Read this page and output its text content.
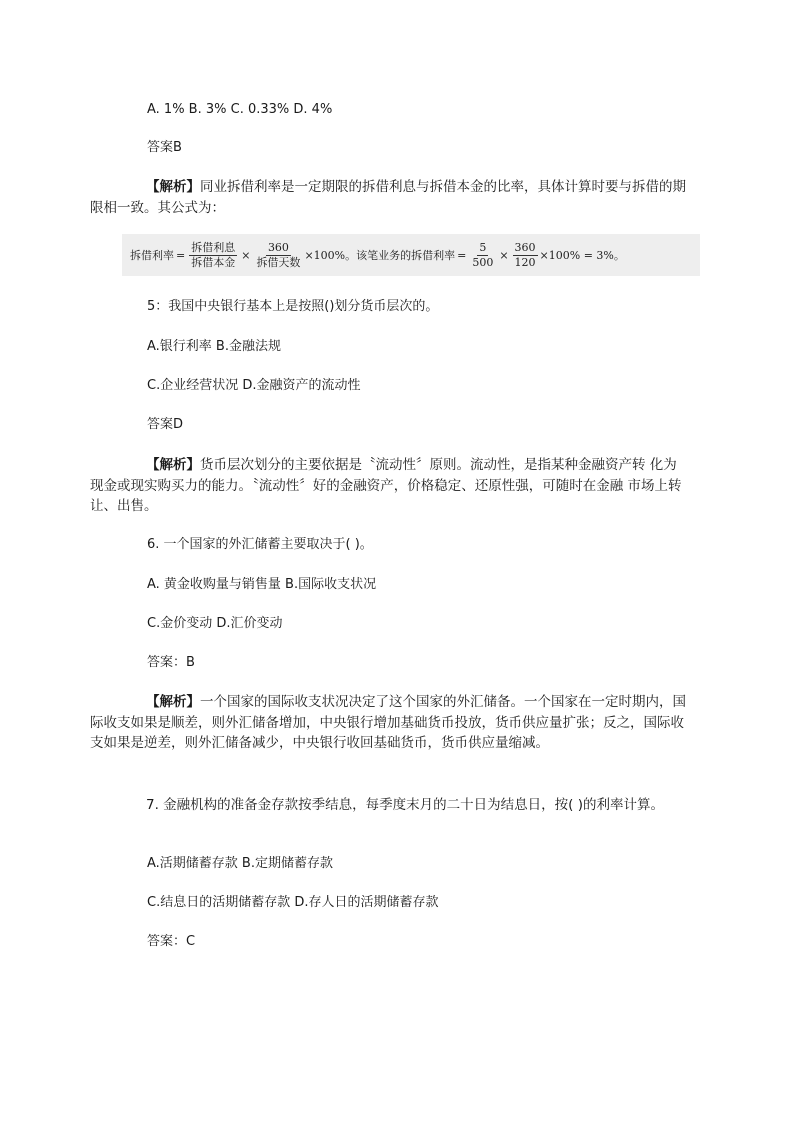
A. 1% B. 3% C. 0.33% D. 4%
答案B
【解析】同业拆借利率是一定期限的拆借利息与拆借本金的比率，具体计算时要与拆借的期限相一致。其公式为：
拆借利率 = $\frac{\text{拆借利息}}{\text{拆借本金}} \times \frac{360}{\text{拆借天数}} \times 100\%$。该笔业务的拆借利率 = $\frac{5}{500} \times \frac{360}{120} \times 100\% = 3\%$。
5：我国中央银行基本上是按照()划分货币层次的。
A.银行利率 B.金融法规
C.企业经营状况 D.金融资产的流动性
答案D
【解析】货币层次划分的主要依据是〝流动性〞原则。流动性，是指某种金融资产转 化为现金或现实购买力的能力。〝流动性〞好的金融资产，价格稳定、还原性强，可随时在金融 市场上转让、出售。
6. 一个国家的外汇储蓄主要取决于( )。
A. 黄金收购量与销售量 B.国际收支状况
C.金价变动 D.汇价变动
答案：B
【解析】一个国家的国际收支状况决定了这个国家的外汇储备。一个国家在一定时期内，国际收支如果是顺差，则外汇储备增加，中央银行增加基础货币投放，货币供应量扩张；反之，国际收支如果是逆差，则外汇储备减少，中央银行收回基础货币，货币供应量缩减。
7. 金融机构的准备金存款按季结息，每季度末月的二十日为结息日，按( )的利率计算。
A.活期储蓄存款 B.定期储蓄存款
C.结息日的活期储蓄存款 D.存人日的活期储蓄存款
答案：C
